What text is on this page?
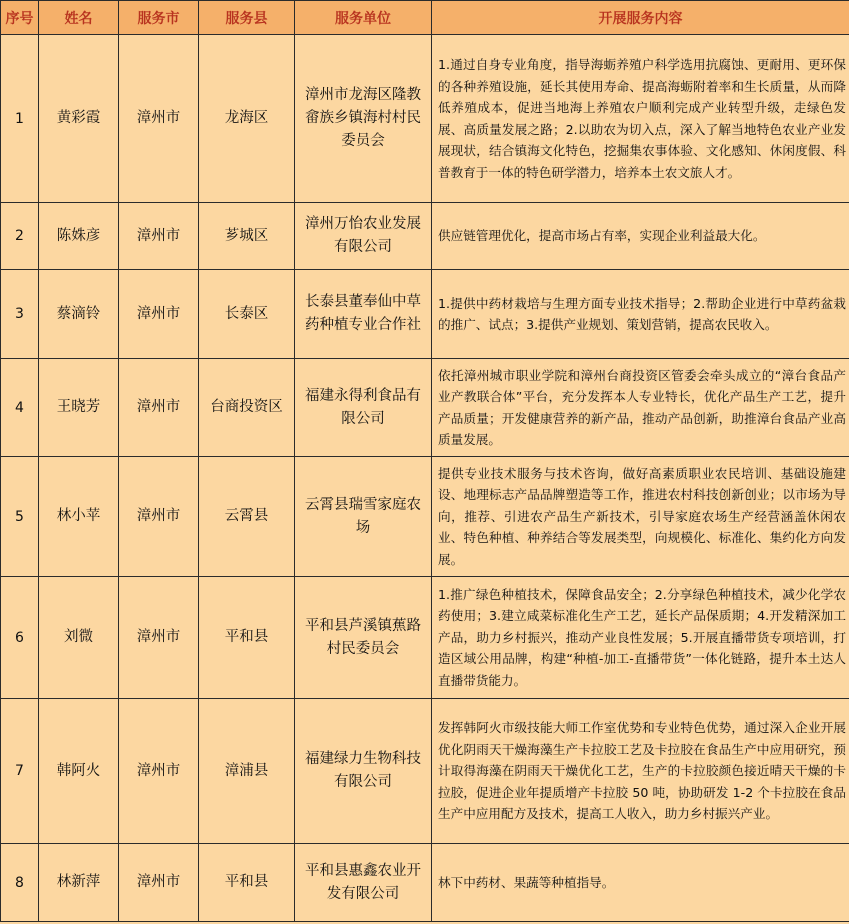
序号	姓名	服务市	服务县	服务单位	开展服务内容
1	黄彩霞	漳州市	龙海区	漳州市龙海区隆教畲族乡镇海村村民委员会	1.通过自身专业角度，指导海蛎养殖户科学选用抗腐蚀、更耐用、更环保的各种养殖设施，延长其使用寿命、提高海蛎附着率和生长质量，从而降低养殖成本，促进当地海上养殖农户顺利完成产业转型升级，走绿色发展、高质量发展之路；2.以助农为切入点，深入了解当地特色农业产业发展现状，结合镇海文化特色，挖掘集农事体验、文化感知、休闲度假、科普教育于一体的特色研学潜力，培养本土农文旅人才。
2	陈姝彦	漳州市	芗城区	漳州万怡农业发展有限公司	供应链管理优化，提高市场占有率，实现企业利益最大化。
3	蔡滴铃	漳州市	长泰区	长泰县董奉仙中草药种植专业合作社	1.提供中药材栽培与生理方面专业技术指导；2.帮助企业进行中草药盆栽的推广、试点；3.提供产业规划、策划营销，提高农民收入。
4	王晓芳	漳州市	台商投资区	福建永得利食品有限公司	依托漳州城市职业学院和漳州台商投资区管委会牵头成立的“漳台食品产业产教联合体”平台，充分发挥本人专业特长，优化产品生产工艺，提升产品质量；开发健康营养的新产品，推动产品创新，助推漳台食品产业高质量发展。
5	林小苹	漳州市	云霄县	云霄县瑞雪家庭农场	提供专业技术服务与技术咨询，做好高素质职业农民培训、基础设施建设、地理标志产品品牌塑造等工作，推进农村科技创新创业；以市场为导向，推荐、引进农产品生产新技术，引导家庭农场生产经营涵盖休闲农业、特色种植、种养结合等发展类型，向规模化、标准化、集约化方向发展。
6	刘微	漳州市	平和县	平和县芦溪镇蕉路村民委员会	1.推广绿色种植技术，保障食品安全；2.分享绿色种植技术，减少化学农药使用；3.建立咸菜标准化生产工艺，延长产品保质期；4.开发精深加工产品，助力乡村振兴，推动产业良性发展；5.开展直播带货专项培训，打造区域公用品牌，构建“种植-加工-直播带货”一体化链路，提升本土达人直播带货能力。
7	韩阿火	漳州市	漳浦县	福建绿力生物科技有限公司	发挥韩阿火市级技能大师工作室优势和专业特色优势，通过深入企业开展优化阴雨天干燥海藻生产卡拉胶工艺及卡拉胶在食品生产中应用研究，预计取得海藻在阴雨天干燥优化工艺，生产的卡拉胶颜色接近晴天干燥的卡拉胶，促进企业年提质增产卡拉胶 50 吨，协助研发 1-2 个卡拉胶在食品生产中应用配方及技术，提高工人收入，助力乡村振兴产业。
8	林新萍	漳州市	平和县	平和县惠鑫农业开发有限公司	林下中药材、果蔬等种植指导。
